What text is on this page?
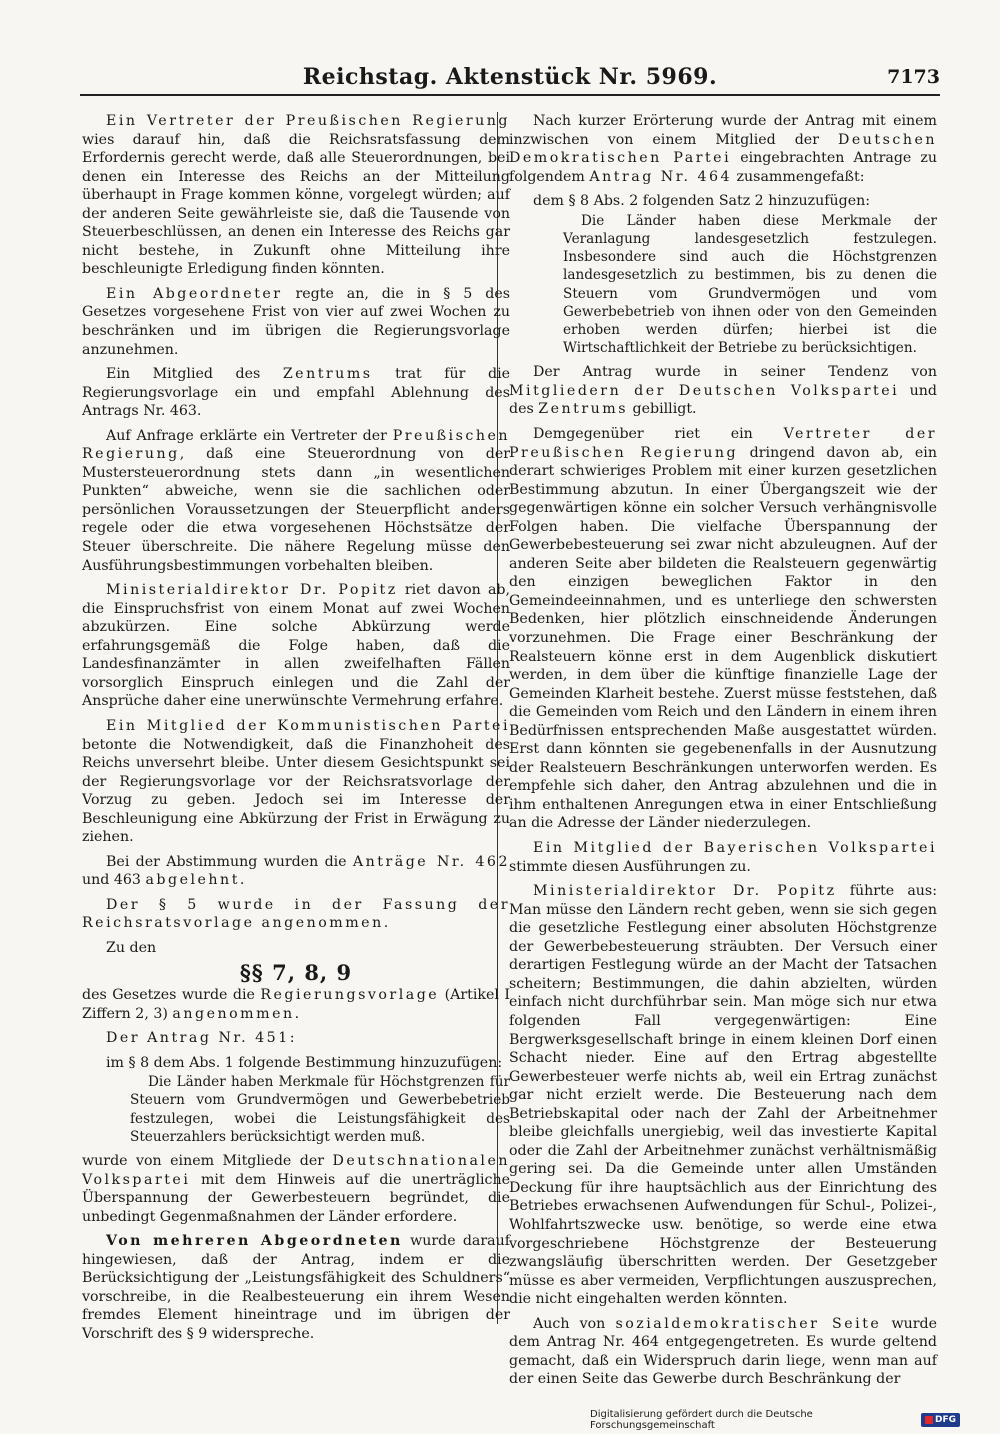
Reichstag. Aktenstück Nr. 5969.	7173

Ein Vertreter der Preußischen Regierung wies darauf hin, daß die Reichsratsfassung dem Erfordernis gerecht werde, daß alle Steuerordnungen, bei denen ein Interesse des Reichs an der Mitteilung überhaupt in Frage kommen könne, vorgelegt würden; auf der anderen Seite gewährleiste sie, daß die Tausende von Steuerbeschlüssen, an denen ein Interesse des Reichs gar nicht bestehe, in Zukunft ohne Mitteilung ihre beschleunigte Erledigung finden könnten.

Ein Abgeordneter regte an, die in § 5 des Gesetzes vorgesehene Frist von vier auf zwei Wochen zu beschränken und im übrigen die Regierungsvorlage anzunehmen.

Ein Mitglied des Zentrums trat für die Regierungsvorlage ein und empfahl Ablehnung des Antrags Nr. 463.

Auf Anfrage erklärte ein Vertreter der Preußischen Regierung, daß eine Steuerordnung von der Mustersteuerordnung stets dann „in wesentlichen Punkten“ abweiche, wenn sie die sachlichen oder persönlichen Voraussetzungen der Steuerpflicht anders regele oder die etwa vorgesehenen Höchstsätze der Steuer überschreite. Die nähere Regelung müsse den Ausführungsbestimmungen vorbehalten bleiben.

Ministerialdirektor Dr. Popitz riet davon ab, die Einspruchsfrist von einem Monat auf zwei Wochen abzukürzen. Eine solche Abkürzung werde erfahrungsgemäß die Folge haben, daß die Landesfinanzämter in allen zweifelhaften Fällen vorsorglich Einspruch einlegen und die Zahl der Ansprüche daher eine unerwünschte Vermehrung erfahre.

Ein Mitglied der Kommunistischen Partei betonte die Notwendigkeit, daß die Finanzhoheit des Reichs unversehrt bleibe. Unter diesem Gesichtspunkt sei der Regierungsvorlage vor der Reichsratsvorlage der Vorzug zu geben. Jedoch sei im Interesse der Beschleunigung eine Abkürzung der Frist in Erwägung zu ziehen.

Bei der Abstimmung wurden die Anträge Nr. 462 und 463 abgelehnt.

Der § 5 wurde in der Fassung der Reichsratsvorlage angenommen.

Zu den

§§ 7, 8, 9

des Gesetzes wurde die Regierungsvorlage (Artikel I Ziffern 2, 3) angenommen.

Der Antrag Nr. 451:

im § 8 dem Abs. 1 folgende Bestimmung hinzuzufügen:

Die Länder haben Merkmale für Höchstgrenzen für Steuern vom Grundvermögen und Gewerbebetrieb festzulegen, wobei die Leistungsfähigkeit des Steuerzahlers berücksichtigt werden muß.

wurde von einem Mitgliede der Deutschnationalen Volkspartei mit dem Hinweis auf die unerträgliche Überspannung der Gewerbesteuern begründet, die unbedingt Gegenmaßnahmen der Länder erfordere.

Von mehreren Abgeordneten wurde darauf hingewiesen, daß der Antrag, indem er die Berücksichtigung der „Leistungsfähigkeit des Schuldners“ vorschreibe, in die Realbesteuerung ein ihrem Wesen fremdes Element hineintrage und im übrigen der Vorschrift des § 9 widerspreche.

Nach kurzer Erörterung wurde der Antrag mit einem inzwischen von einem Mitglied der Deutschen Demokratischen Partei eingebrachten Antrage zu folgendem Antrag Nr. 464 zusammengefaßt:

dem § 8 Abs. 2 folgenden Satz 2 hinzuzufügen:

Die Länder haben diese Merkmale der Veranlagung landesgesetzlich festzulegen. Insbesondere sind auch die Höchstgrenzen landesgesetzlich zu bestimmen, bis zu denen die Steuern vom Grundvermögen und vom Gewerbebetrieb von ihnen oder von den Gemeinden erhoben werden dürfen; hierbei ist die Wirtschaftlichkeit der Betriebe zu berücksichtigen.

Der Antrag wurde in seiner Tendenz von Mitgliedern der Deutschen Volkspartei und des Zentrums gebilligt.

Demgegenüber riet ein Vertreter der Preußischen Regierung dringend davon ab, ein derart schwieriges Problem mit einer kurzen gesetzlichen Bestimmung abzutun. In einer Übergangszeit wie der gegenwärtigen könne ein solcher Versuch verhängnisvolle Folgen haben. Die vielfache Überspannung der Gewerbebesteuerung sei zwar nicht abzuleugnen. Auf der anderen Seite aber bildeten die Realsteuern gegenwärtig den einzigen beweglichen Faktor in den Gemeindeeinnahmen, und es unterliege den schwersten Bedenken, hier plötzlich einschneidende Änderungen vorzunehmen. Die Frage einer Beschränkung der Realsteuern könne erst in dem Augenblick diskutiert werden, in dem über die künftige finanzielle Lage der Gemeinden Klarheit bestehe. Zuerst müsse feststehen, daß die Gemeinden vom Reich und den Ländern in einem ihren Bedürfnissen entsprechenden Maße ausgestattet würden. Erst dann könnten sie gegebenenfalls in der Ausnutzung der Realsteuern Beschränkungen unterworfen werden. Es empfehle sich daher, den Antrag abzulehnen und die in ihm enthaltenen Anregungen etwa in einer Entschließung an die Adresse der Länder niederzulegen.

Ein Mitglied der Bayerischen Volkspartei stimmte diesen Ausführungen zu.

Ministerialdirektor Dr. Popitz führte aus: Man müsse den Ländern recht geben, wenn sie sich gegen die gesetzliche Festlegung einer absoluten Höchstgrenze der Gewerbebesteuerung sträubten. Der Versuch einer derartigen Festlegung würde an der Macht der Tatsachen scheitern; Bestimmungen, die dahin abzielten, würden einfach nicht durchführbar sein. Man möge sich nur etwa folgenden Fall vergegenwärtigen: Eine Bergwerksgesellschaft bringe in einem kleinen Dorf einen Schacht nieder. Eine auf den Ertrag abgestellte Gewerbesteuer werfe nichts ab, weil ein Ertrag zunächst gar nicht erzielt werde. Die Besteuerung nach dem Betriebskapital oder nach der Zahl der Arbeitnehmer bleibe gleichfalls unergiebig, weil das investierte Kapital oder die Zahl der Arbeitnehmer zunächst verhältnismäßig gering sei. Da die Gemeinde unter allen Umständen Deckung für ihre hauptsächlich aus der Einrichtung des Betriebes erwachsenen Aufwendungen für Schul-, Polizei-, Wohlfahrtszwecke usw. benötige, so werde eine etwa vorgeschriebene Höchstgrenze der Besteuerung zwangsläufig überschritten werden. Der Gesetzgeber müsse es aber vermeiden, Verpflichtungen auszusprechen, die nicht eingehalten werden könnten.

Auch von sozialdemokratischer Seite wurde dem Antrag Nr. 464 entgegengetreten. Es wurde geltend gemacht, daß ein Widerspruch darin liege, wenn man auf der einen Seite das Gewerbe durch Beschränkung der

Digitalisierung gefördert durch die Deutsche Forschungsgemeinschaft	DFG
